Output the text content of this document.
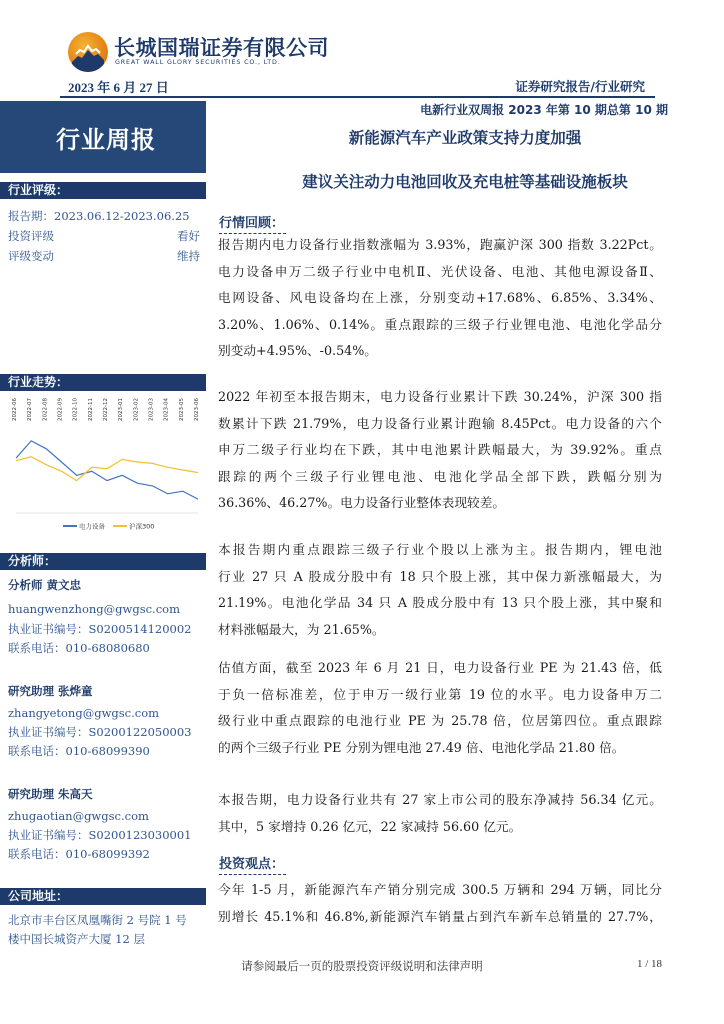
长城国瑞证券有限公司
GREAT WALL GLORY SECURITIES CO., LTD.
2023 年 6 月 27 日	证券研究报告/行业研究
电新行业双周报 2023 年第 10 期总第 10 期
行业周报
行业评级：
报告期：2023.06.12-2023.06.25
投资评级	看好
评级变动	维持
行业走势：
2022-06 2022-07 2022-08 2022-09 2022-10 2022-11 2022-12 2023-01 2023-02 2023-03 2023-04 2023-05 2023-06
电力设备	沪深300
分析师：
分析师 黄文忠
huangwenzhong@gwgsc.com
执业证书编号：S0200514120002
联系电话：010-68080680
研究助理 张烨童
zhangyetong@gwgsc.com
执业证书编号：S0200122050003
联系电话：010-68099390
研究助理 朱高天
zhugaotian@gwgsc.com
执业证书编号：S0200123030001
联系电话：010-68099392
公司地址：
北京市丰台区凤凰嘴街 2 号院 1 号
楼中国长城资产大厦 12 层
新能源汽车产业政策支持力度加强
建议关注动力电池回收及充电桩等基础设施板块
行情回顾：
报告期内电力设备行业指数涨幅为 3.93%，跑赢沪深 300 指数 3.22Pct。
电力设备申万二级子行业中电机Ⅱ、光伏设备、电池、其他电源设备Ⅱ、
电网设备、风电设备均在上涨，分别变动+17.68%、6.85%、3.34%、
3.20%、1.06%、0.14%。重点跟踪的三级子行业锂电池、电池化学品分
别变动+4.95%、-0.54%。
2022 年初至本报告期末，电力设备行业累计下跌 30.24%，沪深 300 指
数累计下跌 21.79%，电力设备行业累计跑输 8.45Pct。电力设备的六个
申万二级子行业均在下跌，其中电池累计跌幅最大，为 39.92%。重点
跟踪的两个三级子行业锂电池、电池化学品全部下跌，跌幅分别为
36.36%、46.27%。电力设备行业整体表现较差。
本报告期内重点跟踪三级子行业个股以上涨为主。报告期内，锂电池
行业 27 只 A 股成分股中有 18 只个股上涨，其中保力新涨幅最大，为
21.19%。电池化学品 34 只 A 股成分股中有 13 只个股上涨，其中聚和
材料涨幅最大，为 21.65%。
估值方面，截至 2023 年 6 月 21 日，电力设备行业 PE 为 21.43 倍，低
于负一倍标准差，位于申万一级行业第 19 位的水平。电力设备申万二
级行业中重点跟踪的电池行业 PE 为 25.78 倍，位居第四位。重点跟踪
的两个三级子行业 PE 分别为锂电池 27.49 倍、电池化学品 21.80 倍。
本报告期，电力设备行业共有 27 家上市公司的股东净减持 56.34 亿元。
其中，5 家增持 0.26 亿元，22 家减持 56.60 亿元。
投资观点：
今年 1-5 月，新能源汽车产销分别完成 300.5 万辆和 294 万辆，同比分
别增长 45.1%和 46.8%,新能源汽车销量占到汽车新车总销量的 27.7%，
请参阅最后一页的股票投资评级说明和法律声明	1 / 18
